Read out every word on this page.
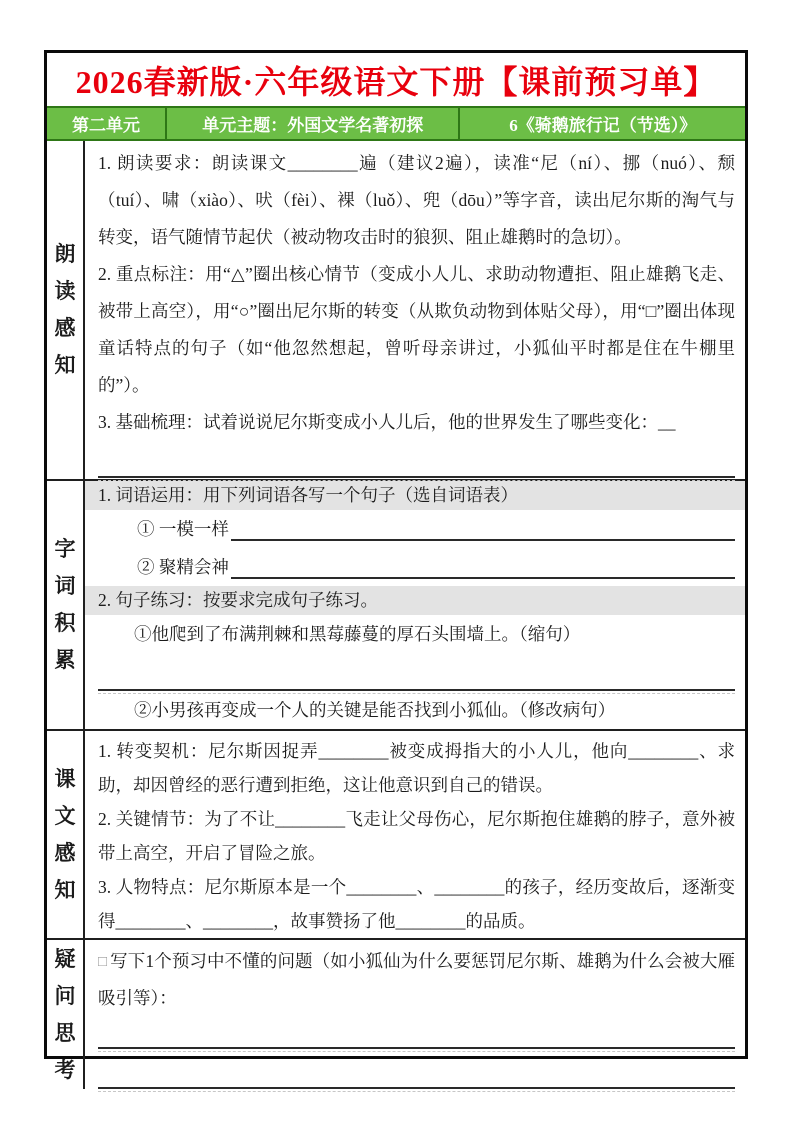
2026春新版·六年级语文下册【课前预习单】
第二单元	单元主题：外国文学名著初探	6《骑鹅旅行记（节选）》
朗读感知

1. 朗读要求：朗读课文________遍（建议2遍），读准“尼（ní）、挪（nuó）、颓（tuí）、啸（xiào）、吠（fèi）、裸（luǒ）、兜（dōu）”等字音，读出尼尔斯的淘气与转变，语气随情节起伏（被动物攻击时的狼狈、阻止雄鹅时的急切）。

2. 重点标注：用“△”圈出核心情节（变成小人儿、求助动物遭拒、阻止雄鹅飞走、被带上高空），用“○”圈出尼尔斯的转变（从欺负动物到体贴父母），用“□”圈出体现童话特点的句子（如“他忽然想起，曾听母亲讲过，小狐仙平时都是住在牛棚里的”）。

3. 基础梳理：试着说说尼尔斯变成小人儿后，他的世界发生了哪些变化：__

字词积累

1. 词语运用：用下列词语各写一个句子（选自词语表）

① 一模一样
② 聚精会神

2. 句子练习：按要求完成句子练习。

①他爬到了布满荆棘和黑莓藤蔓的厚石头围墙上。（缩句）

②小男孩再变成一个人的关键是能否找到小狐仙。（修改病句）

课文感知

1. 转变契机：尼尔斯因捉弄________被变成拇指大的小人儿，他向________、求助，却因曾经的恶行遭到拒绝，这让他意识到自己的错误。

2. 关键情节：为了不让________飞走让父母伤心，尼尔斯抱住雄鹅的脖子，意外被带上高空，开启了冒险之旅。

3. 人物特点：尼尔斯原本是一个________、________的孩子，经历变故后，逐渐变得________、________，故事赞扬了他________的品质。

疑问思考

□ 写下1个预习中不懂的问题（如小狐仙为什么要惩罚尼尔斯、雄鹅为什么会被大雁吸引等）：
